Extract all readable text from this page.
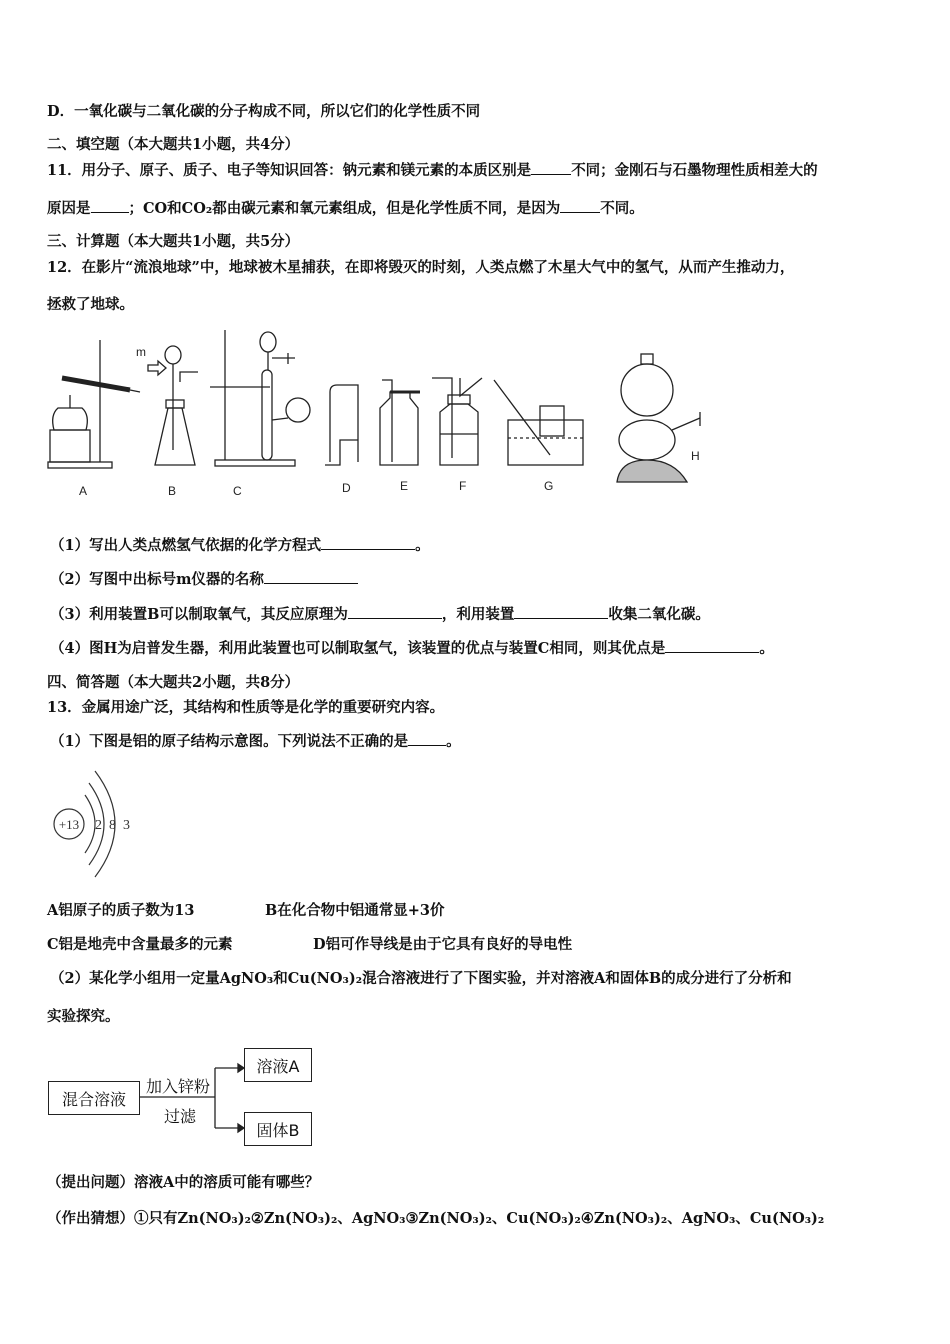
D．一氧化碳与二氧化碳的分子构成不同，所以它们的化学性质不同
二、填空题（本大题共1小题，共4分）
11．用分子、原子、质子、电子等知识回答：钠元素和镁元素的本质区别是	不同；金刚石与石墨物理性质相差大的
原因是	；CO和CO₂都由碳元素和氧元素组成，但是化学性质不同，是因为	不同。
三、计算题（本大题共1小题，共5分）
12．在影片“流浪地球”中，地球被木星捕获，在即将毁灭的时刻，人类点燃了木星大气中的氢气，从而产生推动力，
拯救了地球。
m
A	B	C	D	E	F	G
H
（1）写出人类点燃氢气依据的化学方程式	。
（2）写图中出标号m仪器的名称
（3）利用装置B可以制取氧气，其反应原理为	，利用装置	收集二氧化碳。
（4）图H为启普发生器，利用此装置也可以制取氢气，该装置的优点与装置C相同，则其优点是	。
四、简答题（本大题共2小题，共8分）
13．金属用途广泛，其结构和性质等是化学的重要研究内容。
（1）下图是铝的原子结构示意图。下列说法不正确的是	。
+13 2 8 3
A铝原子的质子数为13	B在化合物中铝通常显+3价
C铝是地壳中含量最多的元素	D铝可作导线是由于它具有良好的导电性
（2）某化学小组用一定量AgNO₃和Cu(NO₃)₂混合溶液进行了下图实验，并对溶液A和固体B的成分进行了分析和
实验探究。
混合溶液
加入锌粉
过滤
溶液A
固体B
（提出问题）溶液A中的溶质可能有哪些？
（作出猜想）①只有Zn(NO₃)₂②Zn(NO₃)₂、AgNO₃③Zn(NO₃)₂、Cu(NO₃)₂④Zn(NO₃)₂、AgNO₃、Cu(NO₃)₂
